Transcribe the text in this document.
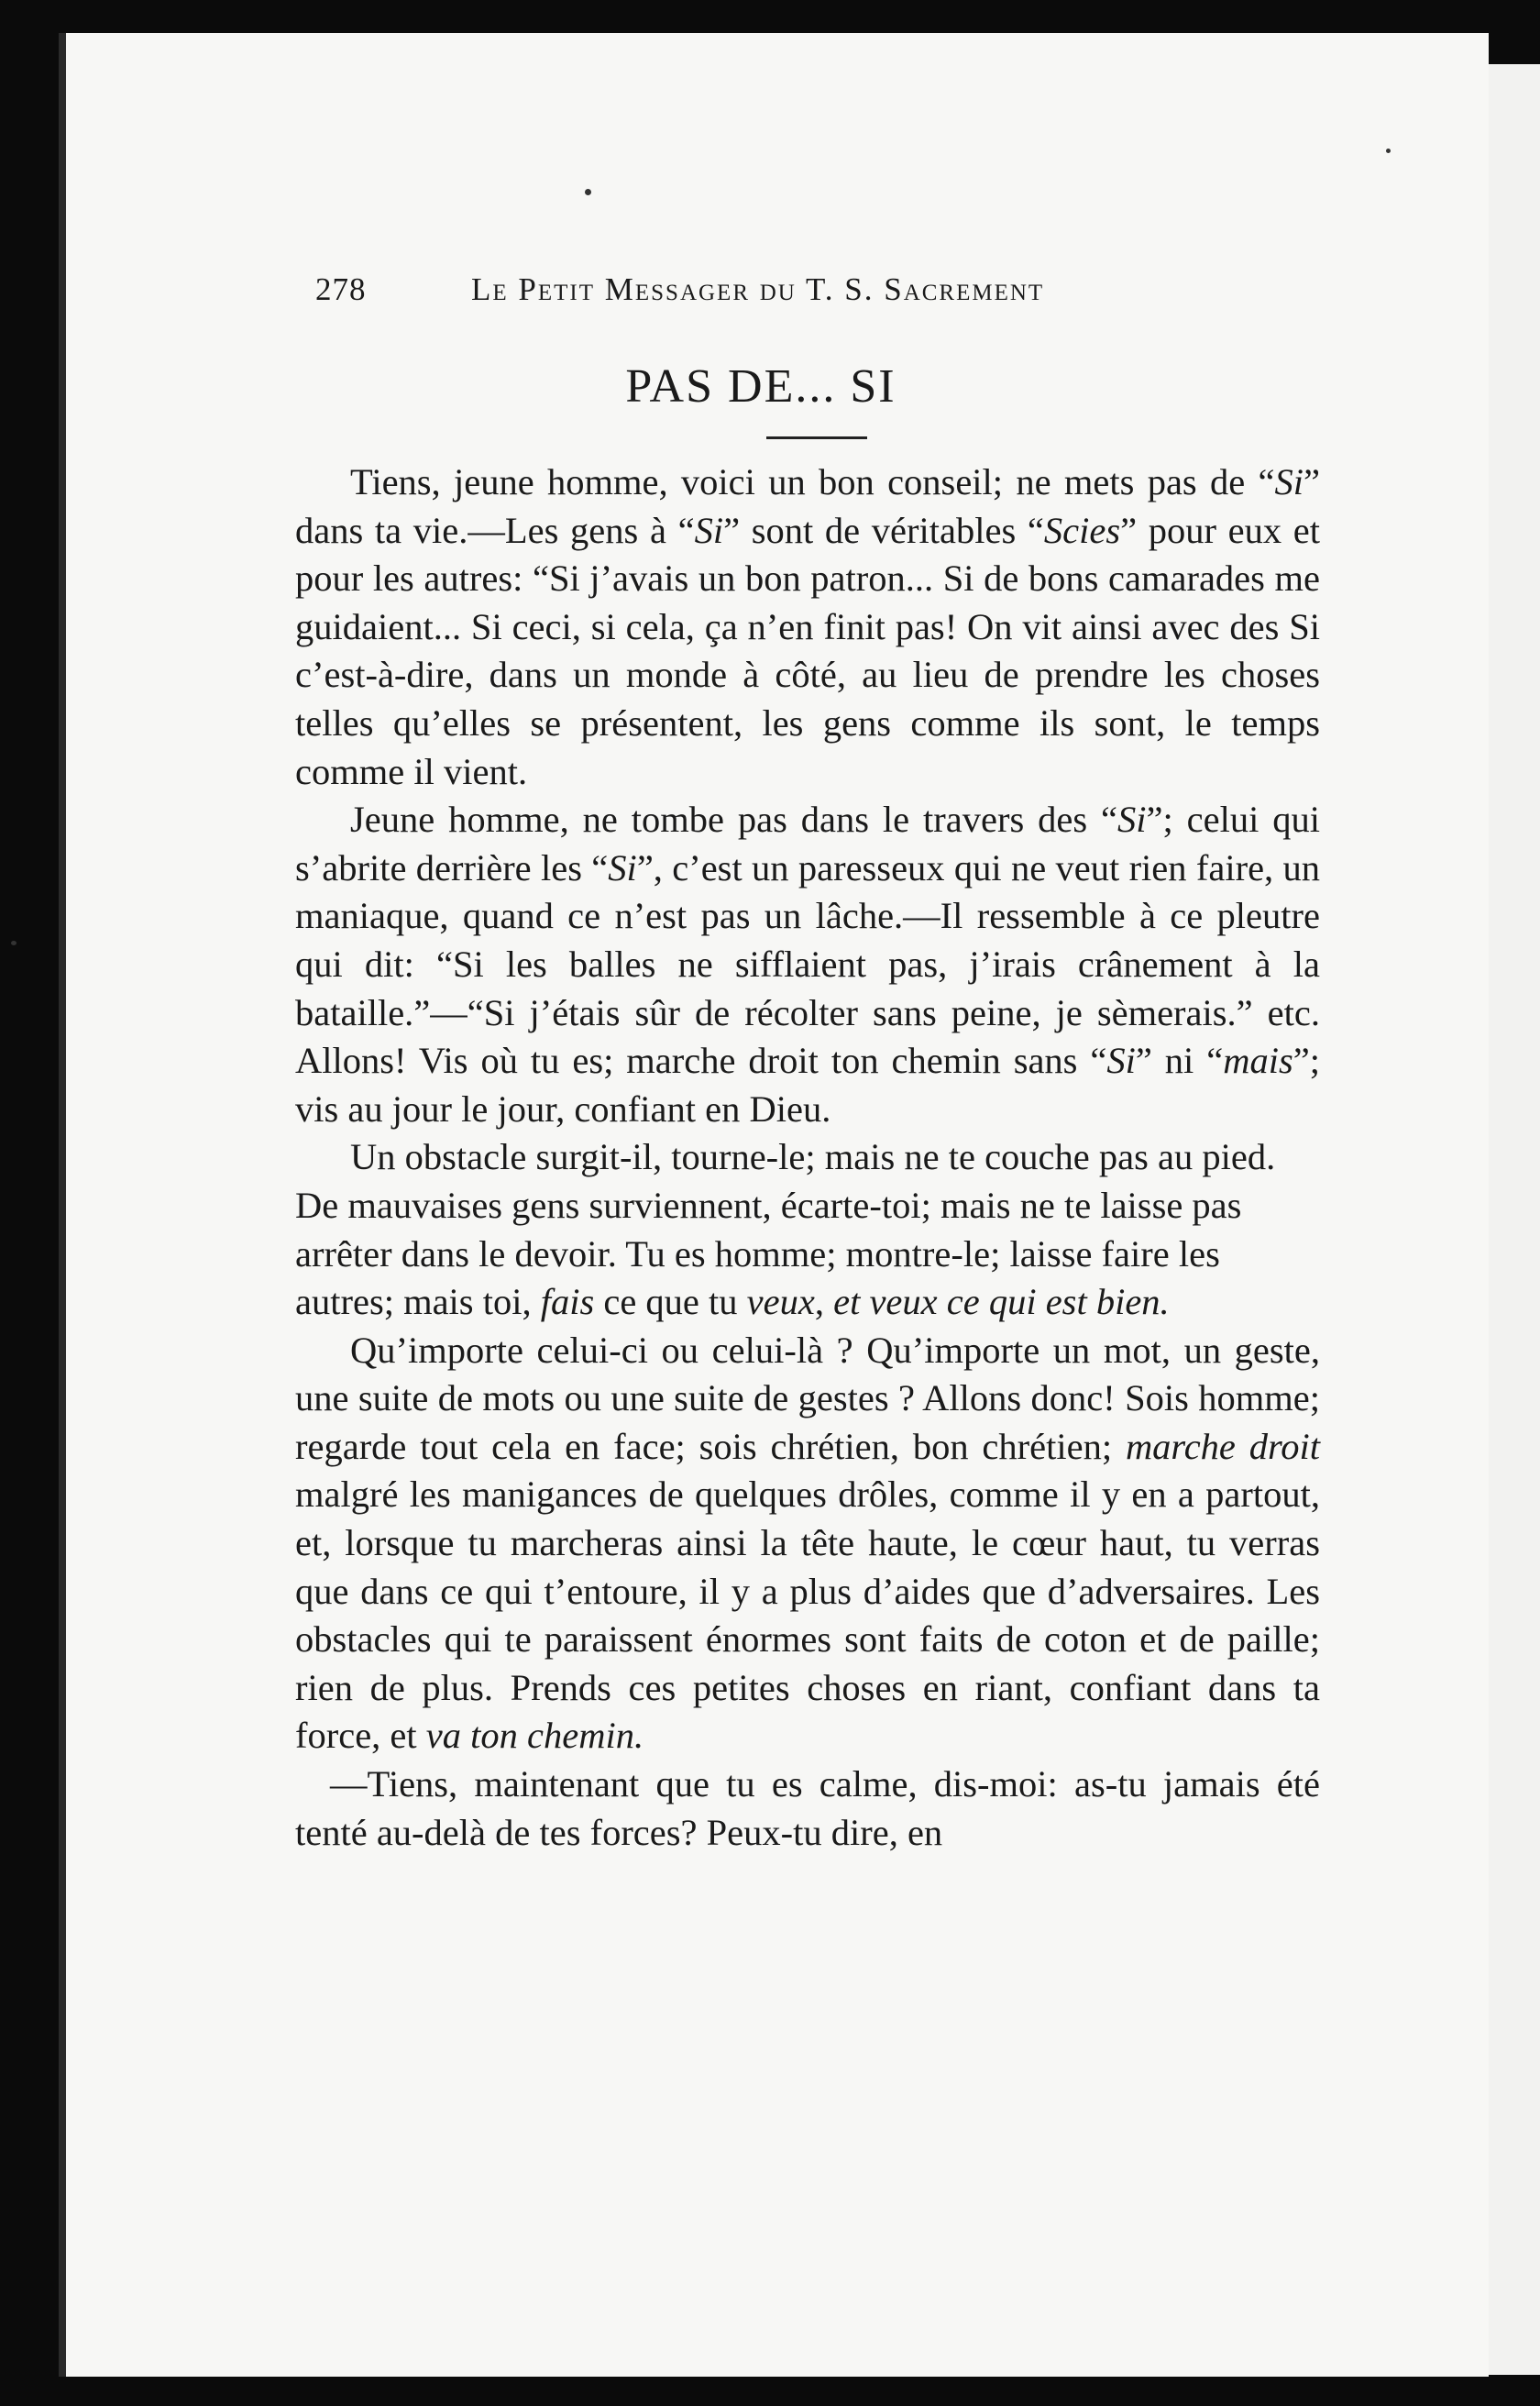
278	Le Petit Messager du T. S. Sacrement
PAS DE... SI

Tiens, jeune homme, voici un bon conseil; ne mets pas de “Si” dans ta vie.—Les gens à “Si” sont de véritables “Scies” pour eux et pour les autres: “Si j’avais un bon patron... Si de bons camarades me guidaient... Si ceci, si cela, ça n’en finit pas! On vit ainsi avec des Si c’est-à-dire, dans un monde à côté, au lieu de prendre les choses telles qu’elles se présentent, les gens comme ils sont, le temps comme il vient.

Jeune homme, ne tombe pas dans le travers des “Si”; celui qui s’abrite derrière les “Si”, c’est un paresseux qui ne veut rien faire, un maniaque, quand ce n’est pas un lâche.—Il ressemble à ce pleutre qui dit: “Si les balles ne sifflaient pas, j’irais crânement à la bataille.”—“Si j’étais sûr de récolter sans peine, je sèmerais.” etc. Allons! Vis où tu es; marche droit ton chemin sans “Si” ni “mais”; vis au jour le jour, confiant en Dieu.

Un obstacle surgit-il, tourne-le; mais ne te couche pas au pied. De mauvaises gens surviennent, écarte-toi; mais ne te laisse pas arrêter dans le devoir. Tu es homme; montre-le; laisse faire les autres; mais toi, fais ce que tu veux, et veux ce qui est bien.

Qu’importe celui-ci ou celui-là ? Qu’importe un mot, un geste, une suite de mots ou une suite de gestes ? Allons donc! Sois homme; regarde tout cela en face; sois chrétien, bon chrétien; marche droit malgré les manigances de quelques drôles, comme il y en a partout, et, lorsque tu marcheras ainsi la tête haute, le cœur haut, tu verras que dans ce qui t’entoure, il y a plus d’aides que d’adversaires. Les obstacles qui te paraissent énormes sont faits de coton et de paille; rien de plus. Prends ces petites choses en riant, confiant dans ta force, et va ton chemin.

—Tiens, maintenant que tu es calme, dis-moi: as-tu jamais été tenté au-delà de tes forces? Peux-tu dire, en
